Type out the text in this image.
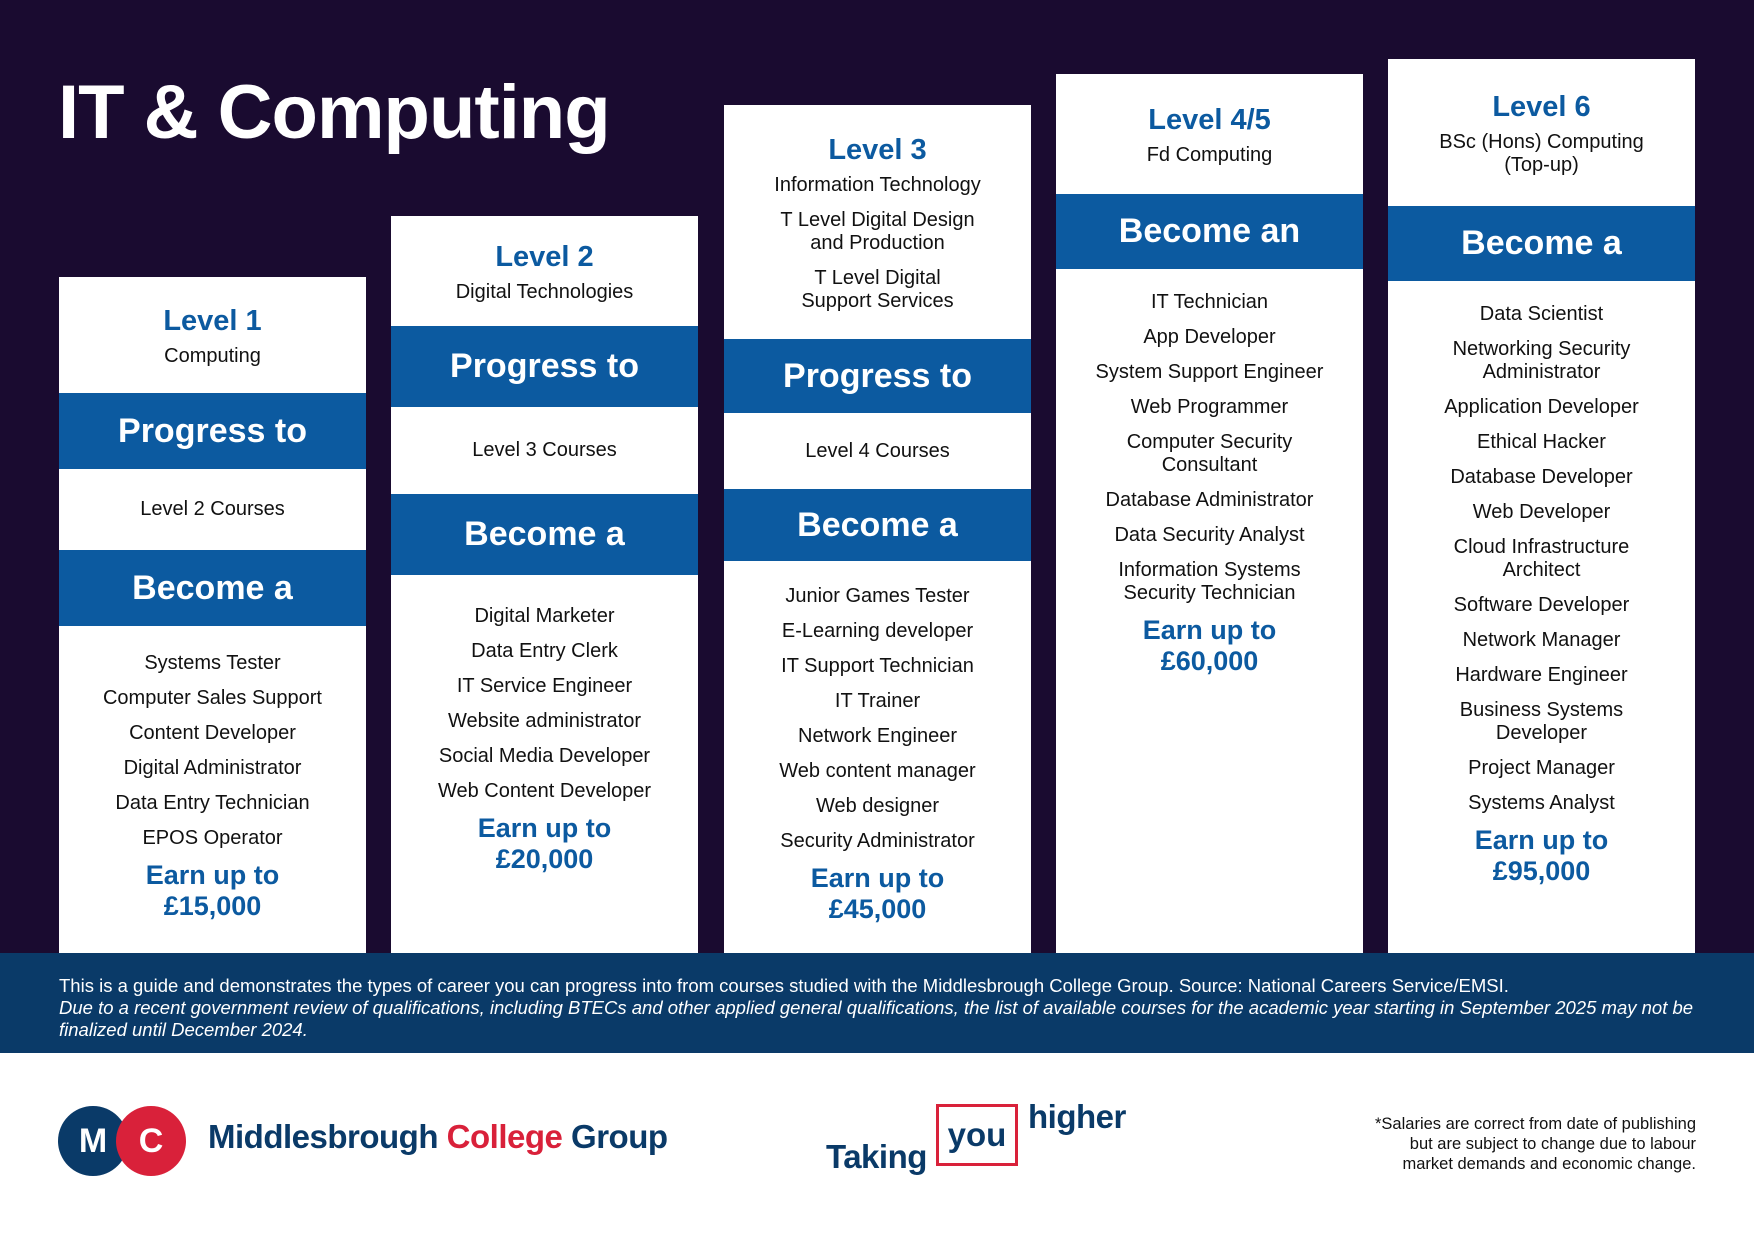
IT & Computing
Level 1
Computing
Progress to
Level 2 Courses
Become a
Systems Tester
Computer Sales Support
Content Developer
Digital Administrator
Data Entry Technician
EPOS Operator
Earn up to
£15,000
Level 2
Digital Technologies
Progress to
Level 3 Courses
Become a
Digital Marketer
Data Entry Clerk
IT Service Engineer
Website administrator
Social Media Developer
Web Content Developer
Earn up to
£20,000
Level 3
Information Technology
T Level Digital Design
and Production
T Level Digital
Support Services
Progress to
Level 4 Courses
Become a
Junior Games Tester
E-Learning developer
IT Support Technician
IT Trainer
Network Engineer
Web content manager
Web designer
Security Administrator
Earn up to
£45,000
Level 4/5
Fd Computing
Become an
IT Technician
App Developer
System Support Engineer
Web Programmer
Computer Security
Consultant
Database Administrator
Data Security Analyst
Information Systems
Security Technician
Earn up to
£60,000
Level 6
BSc (Hons) Computing
(Top-up)
Become a
Data Scientist
Networking Security
Administrator
Application Developer
Ethical Hacker
Database Developer
Web Developer
Cloud Infrastructure
Architect
Software Developer
Network Manager
Hardware Engineer
Business Systems
Developer
Project Manager
Systems Analyst
Earn up to
£95,000
This is a guide and demonstrates the types of career you can progress into from courses studied with the Middlesbrough College Group. Source: National Careers Service/EMSI.
Due to a recent government review of qualifications, including BTECs and other applied general qualifications, the list of available courses for the academic year starting in September 2025 may not be finalized until December 2024.
M C	Middlesbrough College Group
Taking
you higher	*Salaries are correct from date of publishing
but are subject to change due to labour
market demands and economic change.
